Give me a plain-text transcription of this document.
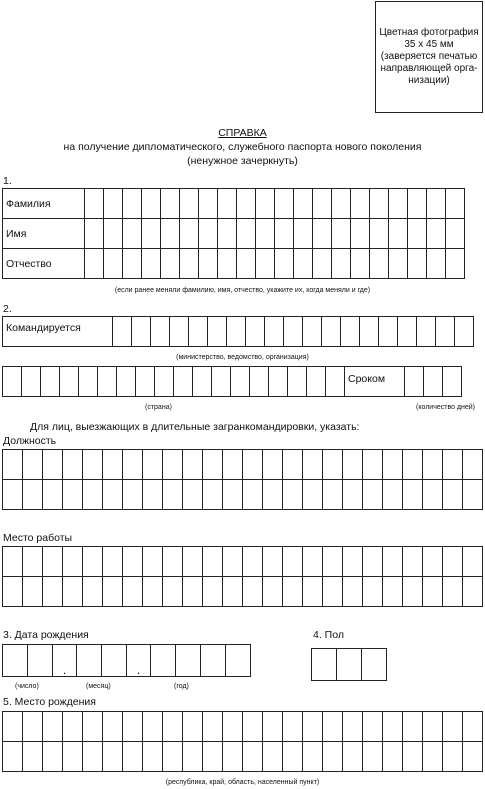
Цветная фотография
35 х 45 мм
(заверяется печатью
направляющей орга-
низации)
СПРАВКА
на получение дипломатического, служебного паспорта нового поколения
(ненужное зачеркнуть)
1.
Фамилия																				
Имя																				
Отчество																				
(если ранее меняли фамилию, имя, отчество, укажите их, когда меняли и где)
2.
Командируется																			
(министерство, ведомство, организация)
																		Сроком			
(страна)	(количество дней)
Для лиц, выезжающих в длительные загранкомандировки, указать:
Должность

Место работы

3. Дата рождения
		.			.				
(число)	(месяц)	(год)
4. Пол

5. Место рождения

(республика, край, область, населенный пункт)
